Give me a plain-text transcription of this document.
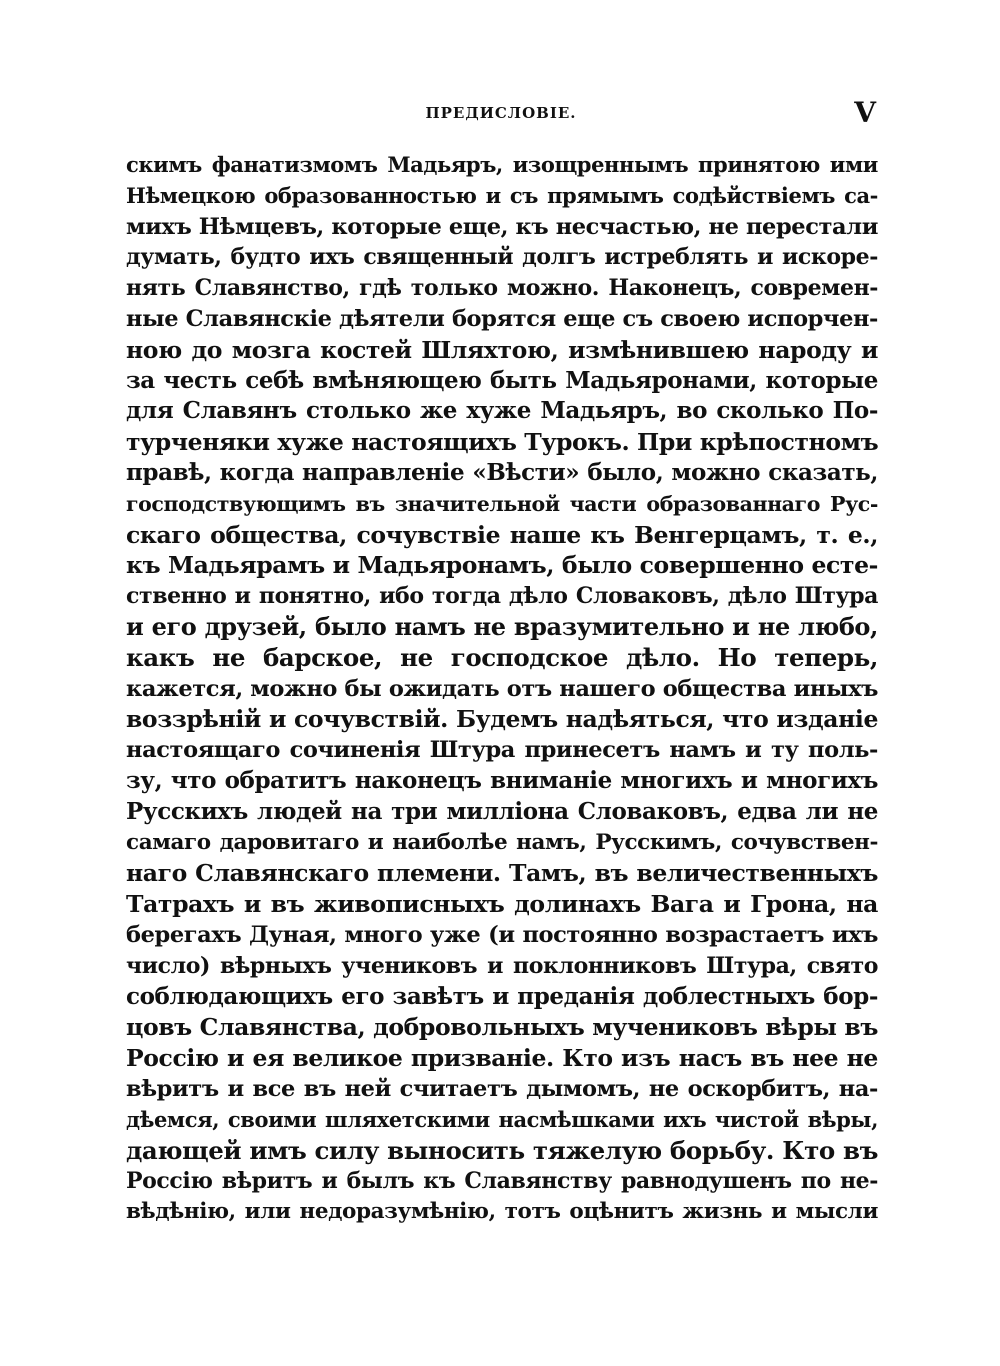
ПРЕДИСЛОВІЕ.	V
скимъ фанатизмомъ Мадьяръ, изощреннымъ принятою ими
Нѣмецкою образованностью и съ прямымъ содѣйствіемъ са-
михъ Нѣмцевъ, которые еще, къ несчастью, не перестали
думать, будто ихъ священный долгъ истреблять и искоре-
нять Славянство, гдѣ только можно. Наконецъ, современ-
ные Славянскіе дѣятели борятся еще съ своею испорчен-
ною до мозга костей Шляхтою, измѣнившею народу и
за честь себѣ вмѣняющею быть Мадьяронами, которые
для Славянъ столько же хуже Мадьяръ, во сколько По-
турченяки хуже настоящихъ Турокъ. При крѣпостномъ
правѣ, когда направленіе «Вѣсти» было, можно сказать,
господствующимъ въ значительной части образованнаго Рус-
скаго общества, сочувствіе наше къ Венгерцамъ, т. е.,
къ Мадьярамъ и Мадьяронамъ, было совершенно есте-
ственно и понятно, ибо тогда дѣло Словаковъ, дѣло Штура
и его друзей, было намъ не вразумительно и не любо,
какъ не барское, не господское дѣло. Но теперь,
кажется, можно бы ожидать отъ нашего общества иныхъ
воззрѣній и сочувствій. Будемъ надѣяться, что изданіе
настоящаго сочиненія Штура принесетъ намъ и ту поль-
зу, что обратитъ наконецъ вниманіе многихъ и многихъ
Русскихъ людей на три милліона Словаковъ, едва ли не
самаго даровитаго и наиболѣе намъ, Русскимъ, сочувствен-
наго Славянскаго племени. Тамъ, въ величественныхъ
Татрахъ и въ живописныхъ долинахъ Вага и Грона, на
берегахъ Дуная, много уже (и постоянно возрастаетъ ихъ
число) вѣрныхъ учениковъ и поклонниковъ Штура, свято
соблюдающихъ его завѣтъ и преданія доблестныхъ бор-
цовъ Славянства, добровольныхъ мучениковъ вѣры въ
Россію и ея великое призваніе. Кто изъ насъ въ нее не
вѣритъ и все въ ней считаетъ дымомъ, не оскорбитъ, на-
дѣемся, своими шляхетскими насмѣшками ихъ чистой вѣры,
дающей имъ силу выносить тяжелую борьбу. Кто въ
Россію вѣритъ и былъ къ Славянству равнодушенъ по не-
вѣдѣнію, или недоразумѣнію, тотъ оцѣнитъ жизнь и мысли
